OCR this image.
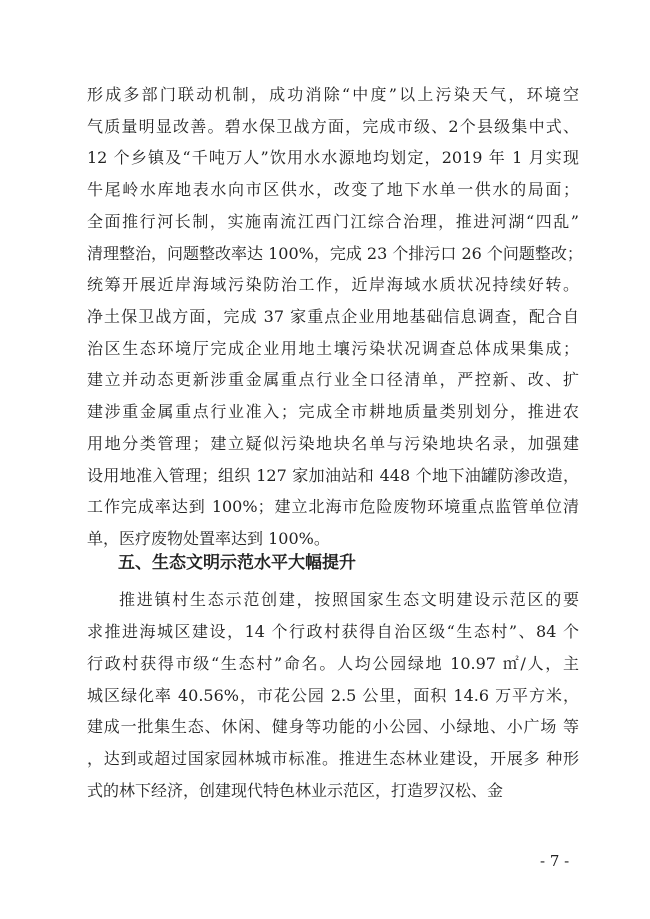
形成多部门联动机制，成功消除“中度”以上污染天气，环境空
气质量明显改善。碧水保卫战方面，完成市级、2个县级集中式、
12 个乡镇及“千吨万人”饮用水水源地均划定，2019 年 1 月实现
牛尾岭水库地表水向市区供水，改变了地下水单一供水的局面；
全面推行河长制，实施南流江西门江综合治理，推进河湖“四乱”
清理整治，问题整改率达 100%，完成 23 个排污口 26 个问题整改；
统筹开展近岸海域污染防治工作，近岸海域水质状况持续好转。
净土保卫战方面，完成 37 家重点企业用地基础信息调查，配合自
治区生态环境厅完成企业用地土壤污染状况调查总体成果集成；
建立并动态更新涉重金属重点行业全口径清单，严控新、改、扩
建涉重金属重点行业准入；完成全市耕地质量类别划分，推进农
用地分类管理；建立疑似污染地块名单与污染地块名录，加强建
设用地准入管理；组织 127 家加油站和 448 个地下油罐防渗改造，
工作完成率达到 100%；建立北海市危险废物环境重点监管单位清
单，医疗废物处置率达到 100%。
五、生态文明示范水平大幅提升
推进镇村生态示范创建，按照国家生态文明建设示范区的要
求推进海城区建设，14 个行政村获得自治区级“生态村”、84 个
行政村获得市级“生态村”命名。人均公园绿地 10.97 ㎡/人，主
城区绿化率 40.56%，市花公园 2.5 公里，面积 14.6 万平方米，
建成一批集生态、休闲、健身等功能的小公园、小绿地、小广场 等
，达到或超过国家园林城市标准。推进生态林业建设，开展多 种形
式的林下经济，创建现代特色林业示范区，打造罗汉松、金
- 7 -
